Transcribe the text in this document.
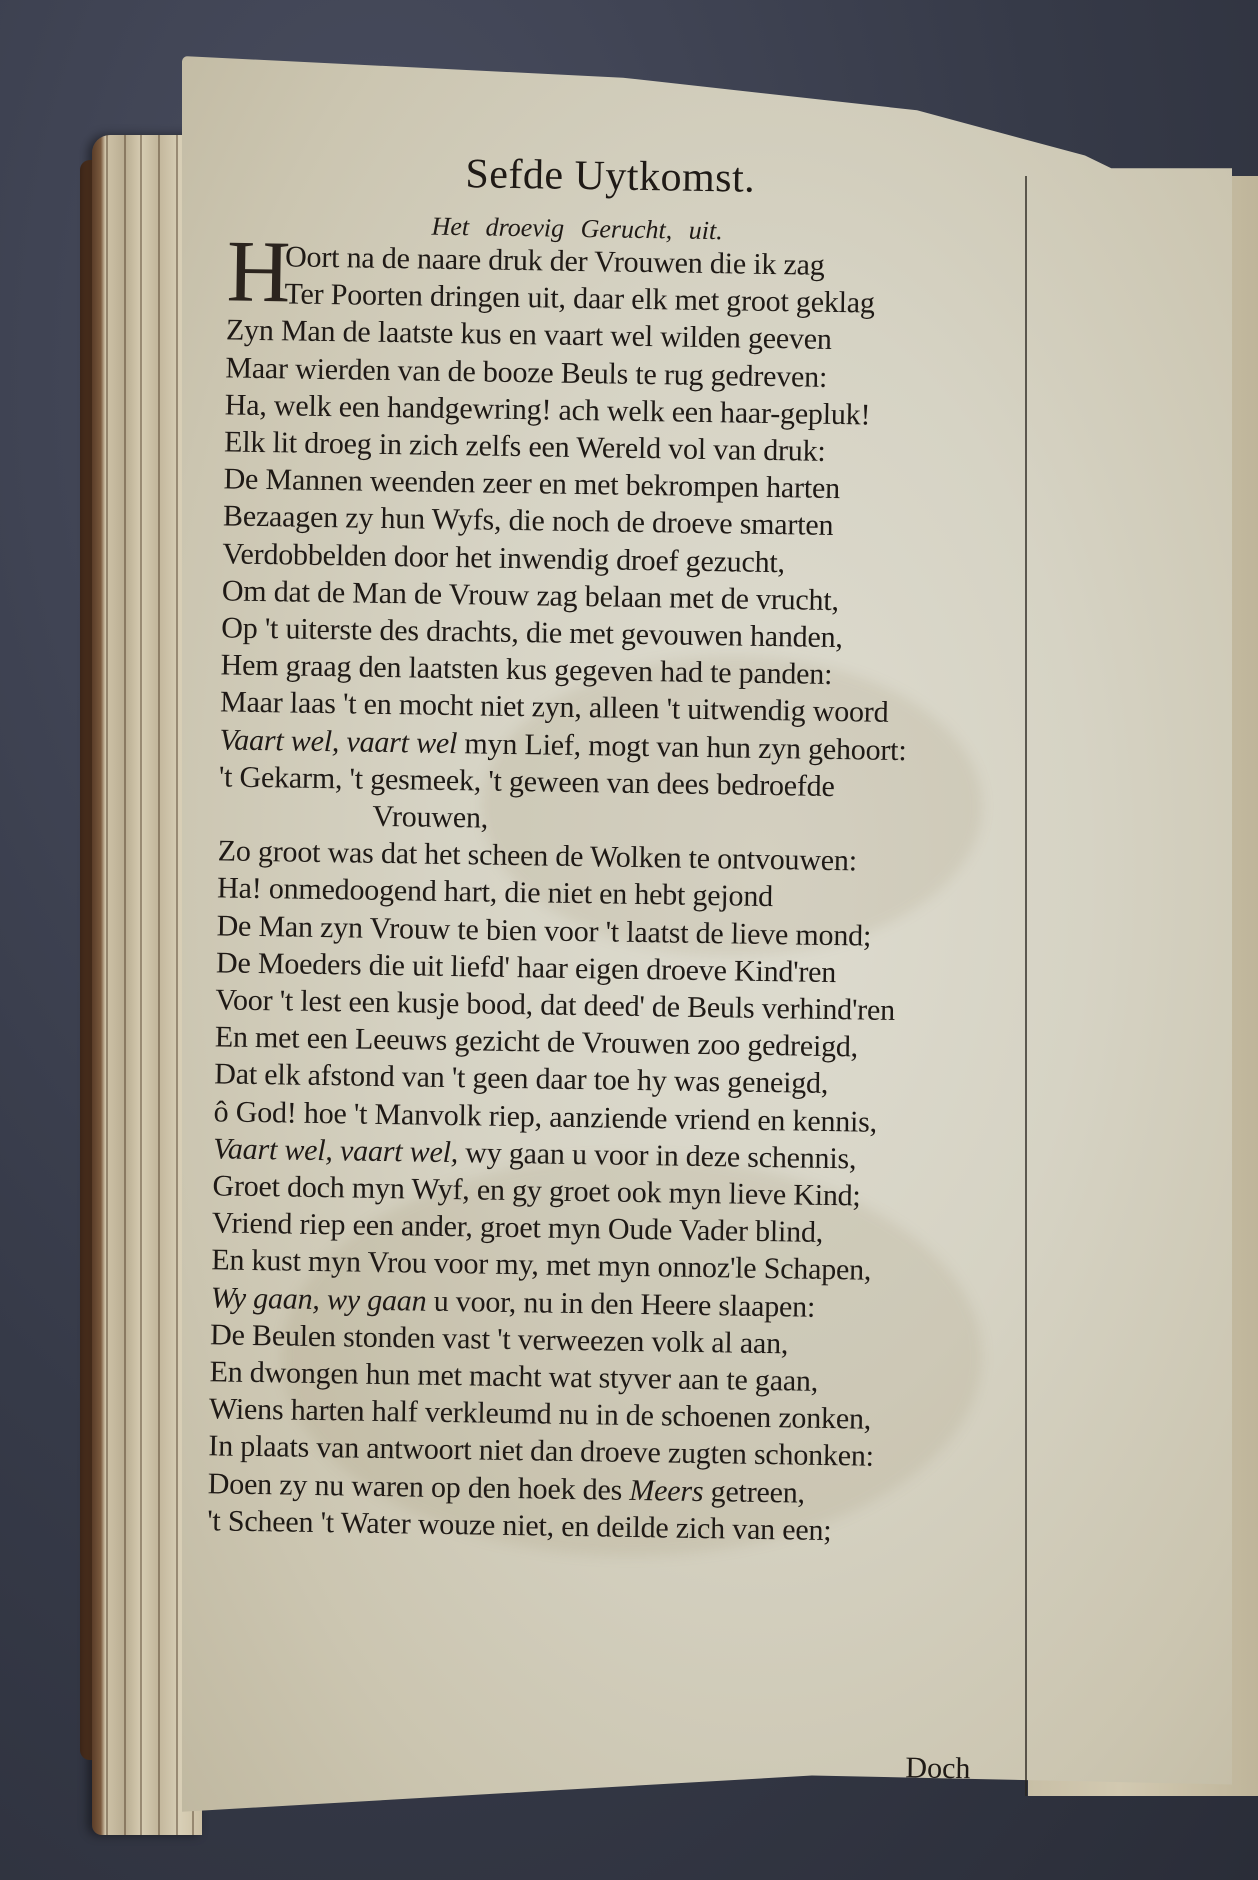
Sefde Uytkomst.
Het droevig Gerucht, uit.
H
Oort na de naare druk der Vrouwen die ik zag
Ter Poorten dringen uit, daar elk met groot geklag
Zyn Man de laatste kus en vaart wel wilden geeven
Maar wierden van de booze Beuls te rug gedreven:
Ha, welk een handgewring! ach welk een haar-gepluk!
Elk lit droeg in zich zelfs een Wereld vol van druk:
De Mannen weenden zeer en met bekrompen harten
Bezaagen zy hun Wyfs, die noch de droeve smarten
Verdobbelden door het inwendig droef gezucht,
Om dat de Man de Vrouw zag belaan met de vrucht,
Op 't uiterste des drachts, die met gevouwen handen,
Hem graag den laatsten kus gegeven had te panden:
Maar laas 't en mocht niet zyn, alleen 't uitwendig woord
Vaart wel, vaart wel myn Lief, mogt van hun zyn gehoort:
't Gekarm, 't gesmeek, 't geween van dees bedroefde
Vrouwen,
Zo groot was dat het scheen de Wolken te ontvouwen:
Ha! onmedoogend hart, die niet en hebt gejond
De Man zyn Vrouw te bien voor 't laatst de lieve mond;
De Moeders die uit liefd' haar eigen droeve Kind'ren
Voor 't lest een kusje bood, dat deed' de Beuls verhind'ren
En met een Leeuws gezicht de Vrouwen zoo gedreigd,
Dat elk afstond van 't geen daar toe hy was geneigd,
ô God! hoe 't Manvolk riep, aanziende vriend en kennis,
Vaart wel, vaart wel, wy gaan u voor in deze schennis,
Groet doch myn Wyf, en gy groet ook myn lieve Kind;
Vriend riep een ander, groet myn Oude Vader blind,
En kust myn Vrou voor my, met myn onnoz'le Schapen,
Wy gaan, wy gaan u voor, nu in den Heere slaapen:
De Beulen stonden vast 't verweezen volk al aan,
En dwongen hun met macht wat styver aan te gaan,
Wiens harten half verkleumd nu in de schoenen zonken,
In plaats van antwoort niet dan droeve zugten schonken:
Doen zy nu waren op den hoek des Meers getreen,
't Scheen 't Water wouze niet, en deilde zich van een;
Doch
